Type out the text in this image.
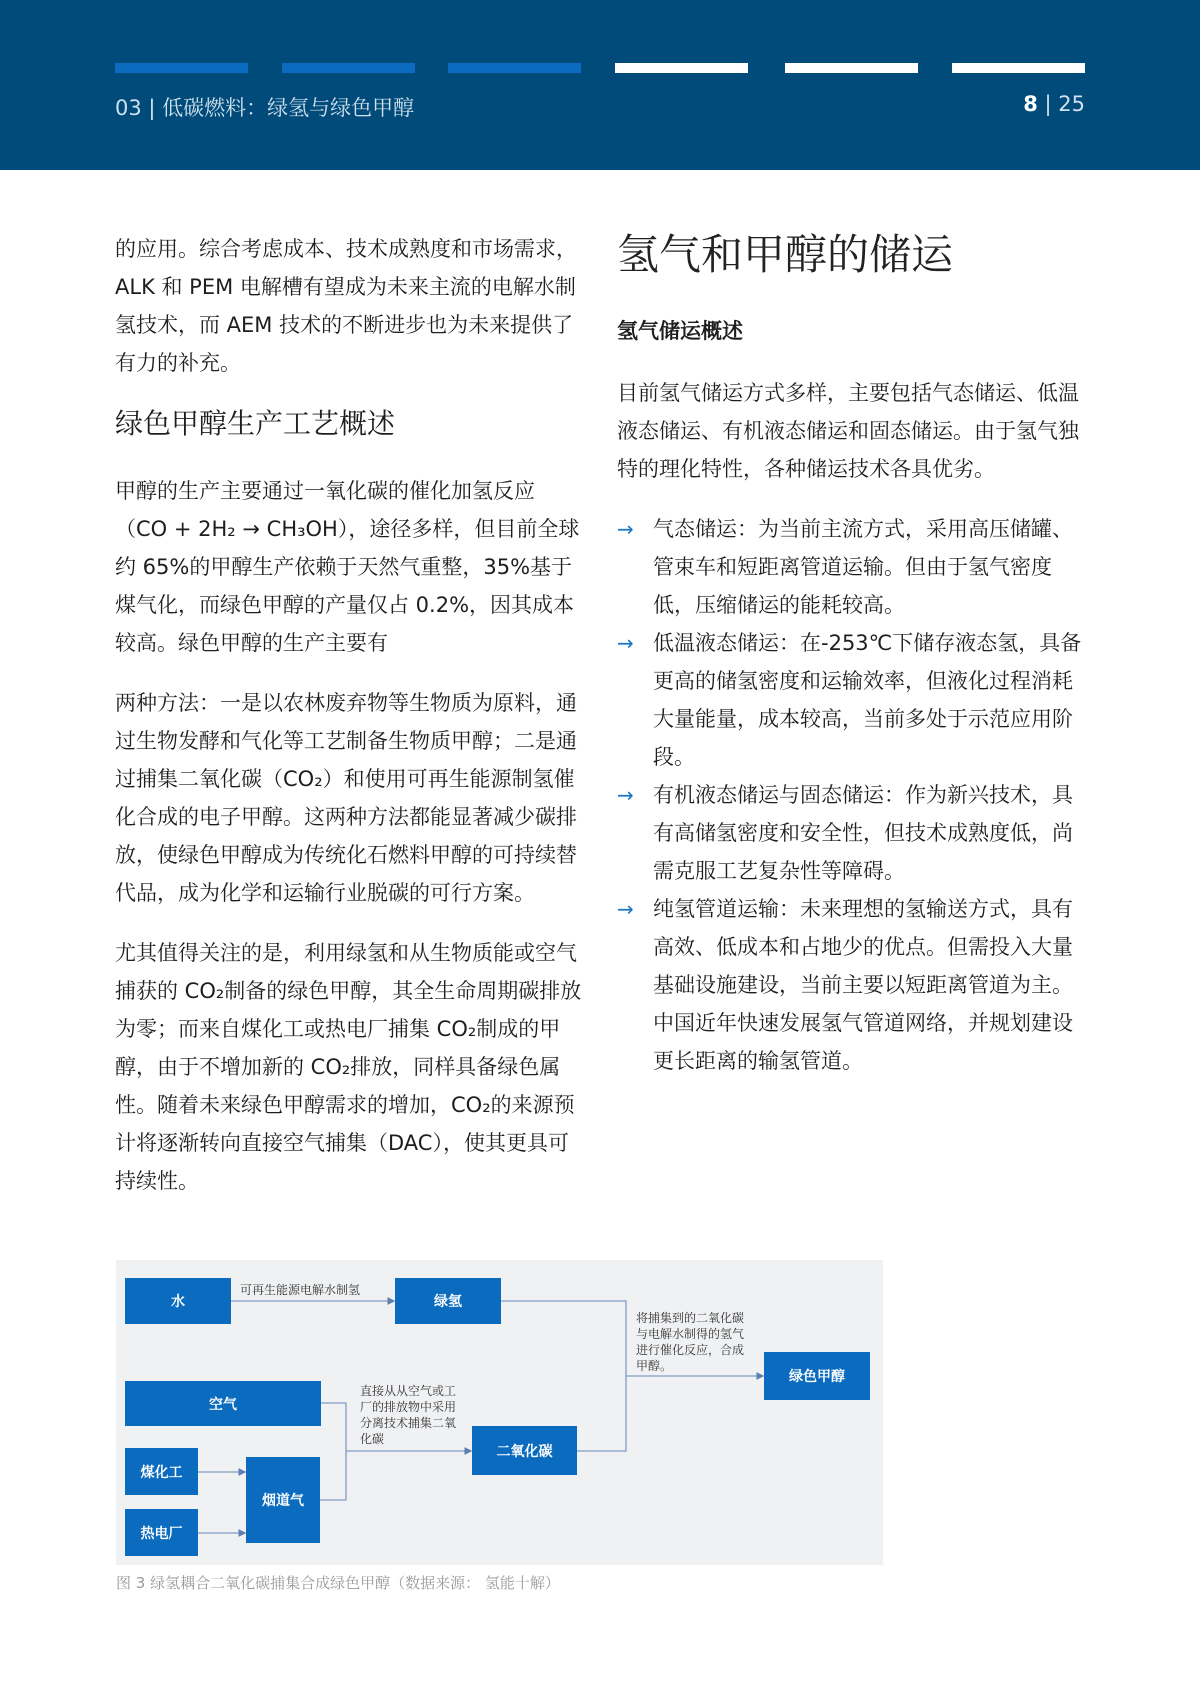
03 | 低碳燃料：绿氢与绿色甲醇	8 | 25

的应用。综合考虑成本、技术成熟度和市场需求，ALK 和 PEM 电解槽有望成为未来主流的电解水制氢技术，而 AEM 技术的不断进步也为未来提供了有力的补充。

绿色甲醇生产工艺概述

甲醇的生产主要通过一氧化碳的催化加氢反应（CO + 2H₂ → CH₃OH），途径多样，但目前全球约 65%的甲醇生产依赖于天然气重整，35%基于煤气化，而绿色甲醇的产量仅占 0.2%，因其成本较高。绿色甲醇的生产主要有

两种方法：一是以农林废弃物等生物质为原料，通过生物发酵和气化等工艺制备生物质甲醇；二是通过捕集二氧化碳（CO₂）和使用可再生能源制氢催化合成的电子甲醇。这两种方法都能显著减少碳排放，使绿色甲醇成为传统化石燃料甲醇的可持续替代品，成为化学和运输行业脱碳的可行方案。

尤其值得关注的是，利用绿氢和从生物质能或空气捕获的 CO₂制备的绿色甲醇，其全生命周期碳排放为零；而来自煤化工或热电厂捕集 CO₂制成的甲醇，由于不增加新的 CO₂排放，同样具备绿色属性。随着未来绿色甲醇需求的增加，CO₂的来源预计将逐渐转向直接空气捕集（DAC），使其更具可持续性。

氢气和甲醇的储运
氢气储运概述

目前氢气储运方式多样，主要包括气态储运、低温液态储运、有机液态储运和固态储运。由于氢气独特的理化特性，各种储运技术各具优劣。

→ 气态储运：为当前主流方式，采用高压储罐、管束车和短距离管道运输。但由于氢气密度低，压缩储运的能耗较高。
→ 低温液态储运：在-253℃下储存液态氢，具备更高的储氢密度和运输效率，但液化过程消耗大量能量，成本较高，当前多处于示范应用阶段。
→ 有机液态储运与固态储运：作为新兴技术，具有高储氢密度和安全性，但技术成熟度低，尚需克服工艺复杂性等障碍。
→ 纯氢管道运输：未来理想的氢输送方式，具有高效、低成本和占地少的优点。但需投入大量基础设施建设，当前主要以短距离管道为主。中国近年快速发展氢气管道网络，并规划建设更长距离的输氢管道。
水	绿氢
空气
煤化工
热电厂
烟道气
二氧化碳
绿色甲醇
可再生能源电解水制氢
直接从从空气或工厂的排放物中采用分离技术捕集二氧化碳
将捕集到的二氧化碳与电解水制得的氢气进行催化反应，合成甲醇。
图 3 绿氢耦合二氧化碳捕集合成绿色甲醇（数据来源： 氢能十解）
